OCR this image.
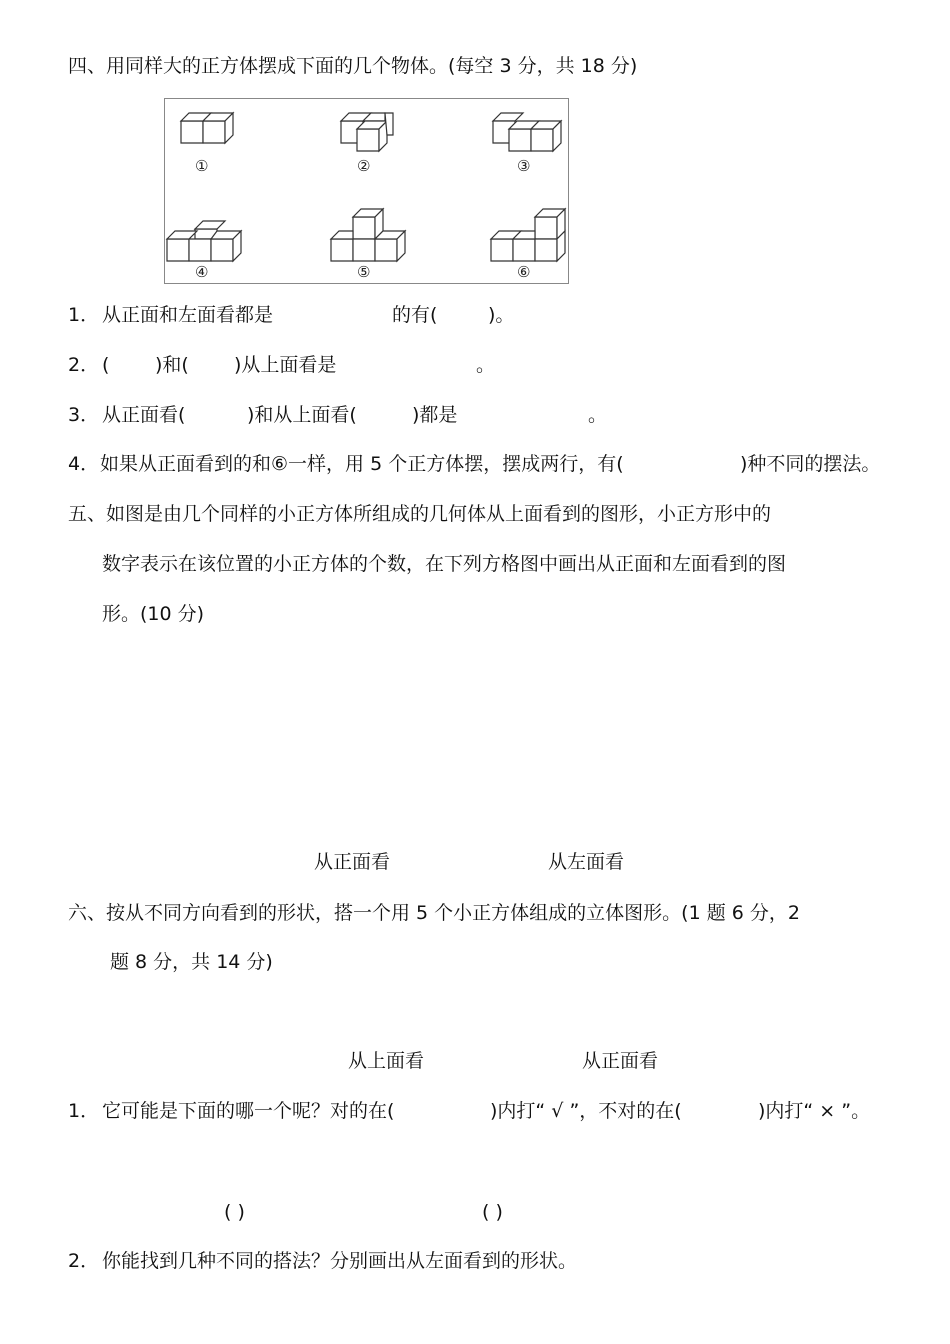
四、用同样大的正方体摆成下面的几个物体。(每空 3 分，共 18 分)
①	②	③
④	⑤	⑥
1． 从正面和左面看都是	的有(	)。
2． ( )和( )从上面看是	。
3． 从正面看(	)和从上面看(	)都是	。
4． 如果从正面看到的和⑥一样，用 5 个正方体摆，摆成两行，有(	)种不同的摆法。
五、如图是由几个同样的小正方体所组成的几何体从上面看到的图形，小正方形中的
数字表示在该位置的小正方体的个数，在下列方格图中画出从正面和左面看到的图
形。(10 分)
从正面看	从左面看
六、按从不同方向看到的形状，搭一个用 5 个小正方体组成的立体图形。(1 题 6 分，2
题 8 分，共 14 分)
从上面看	从正面看
1． 它可能是下面的哪一个呢？对的在(	)内打“ √ ”，不对的在(	)内打“ × ”。
( )	( )
2． 你能找到几种不同的搭法？分别画出从左面看到的形状。
